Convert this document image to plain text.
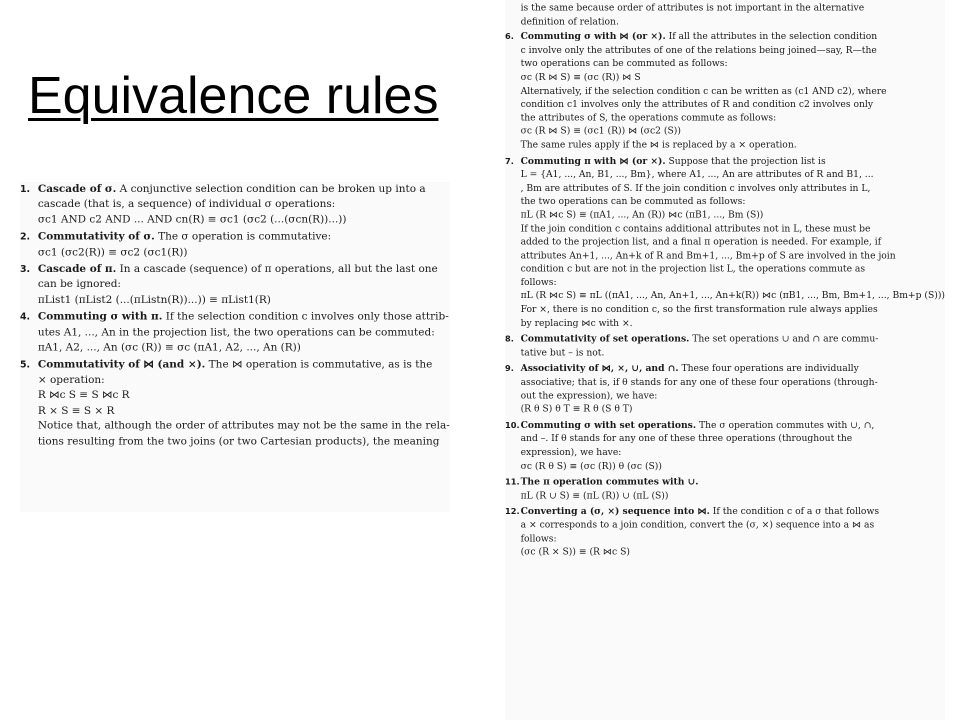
Equivalence rules
1. Cascade of σ. A conjunctive selection condition can be broken up into a
cascade (that is, a sequence) of individual σ operations:
σc1 AND c2 AND ... AND cn(R) ≡ σc1 (σc2 (...(σcn(R))...))
2. Commutativity of σ. The σ operation is commutative:
σc1 (σc2(R)) ≡ σc2 (σc1(R))
3. Cascade of π. In a cascade (sequence) of π operations, all but the last one
can be ignored:
πList1 (πList2 (...(πListn(R))...)) ≡ πList1(R)
4. Commuting σ with π. If the selection condition c involves only those attrib-
utes A1, ..., An in the projection list, the two operations can be commuted:
πA1, A2, ..., An (σc (R)) ≡ σc (πA1, A2, ..., An (R))
5. Commutativity of ⋈ (and ×). The ⋈ operation is commutative, as is the
× operation:
R ⋈c S ≡ S ⋈c R
R × S ≡ S × R
Notice that, although the order of attributes may not be the same in the rela-
tions resulting from the two joins (or two Cartesian products), the meaning
is the same because order of attributes is not important in the alternative
definition of relation.
6. Commuting σ with ⋈ (or ×). If all the attributes in the selection condition
c involve only the attributes of one of the relations being joined—say, R—the
two operations can be commuted as follows:
σc (R ⋈ S) ≡ (σc (R)) ⋈ S
Alternatively, if the selection condition c can be written as (c1 AND c2), where
condition c1 involves only the attributes of R and condition c2 involves only
the attributes of S, the operations commute as follows:
σc (R ⋈ S) ≡ (σc1 (R)) ⋈ (σc2 (S))
The same rules apply if the ⋈ is replaced by a × operation.
7. Commuting π with ⋈ (or ×). Suppose that the projection list is
L = {A1, ..., An, B1, ..., Bm}, where A1, ..., An are attributes of R and B1, ...
, Bm are attributes of S. If the join condition c involves only attributes in L,
the two operations can be commuted as follows:
πL (R ⋈c S) ≡ (πA1, ..., An (R)) ⋈c (πB1, ..., Bm (S))
If the join condition c contains additional attributes not in L, these must be
added to the projection list, and a final π operation is needed. For example, if
attributes An+1, ..., An+k of R and Bm+1, ..., Bm+p of S are involved in the join
condition c but are not in the projection list L, the operations commute as
follows:
πL (R ⋈c S) ≡ πL ((πA1, ..., An, An+1, ..., An+k(R)) ⋈c (πB1, ..., Bm, Bm+1, ..., Bm+p (S)))
For ×, there is no condition c, so the first transformation rule always applies
by replacing ⋈c with ×.
8. Commutativity of set operations. The set operations ∪ and ∩ are commu-
tative but – is not.
9. Associativity of ⋈, ×, ∪, and ∩. These four operations are individually
associative; that is, if θ stands for any one of these four operations (through-
out the expression), we have:
(R θ S) θ T ≡ R θ (S θ T)
10. Commuting σ with set operations. The σ operation commutes with ∪, ∩,
and –. If θ stands for any one of these three operations (throughout the
expression), we have:
σc (R θ S) ≡ (σc (R)) θ (σc (S))
11. The π operation commutes with ∪.
πL (R ∪ S) ≡ (πL (R)) ∪ (πL (S))
12. Converting a (σ, ×) sequence into ⋈. If the condition c of a σ that follows
a × corresponds to a join condition, convert the (σ, ×) sequence into a ⋈ as
follows:
(σc (R × S)) ≡ (R ⋈c S)
